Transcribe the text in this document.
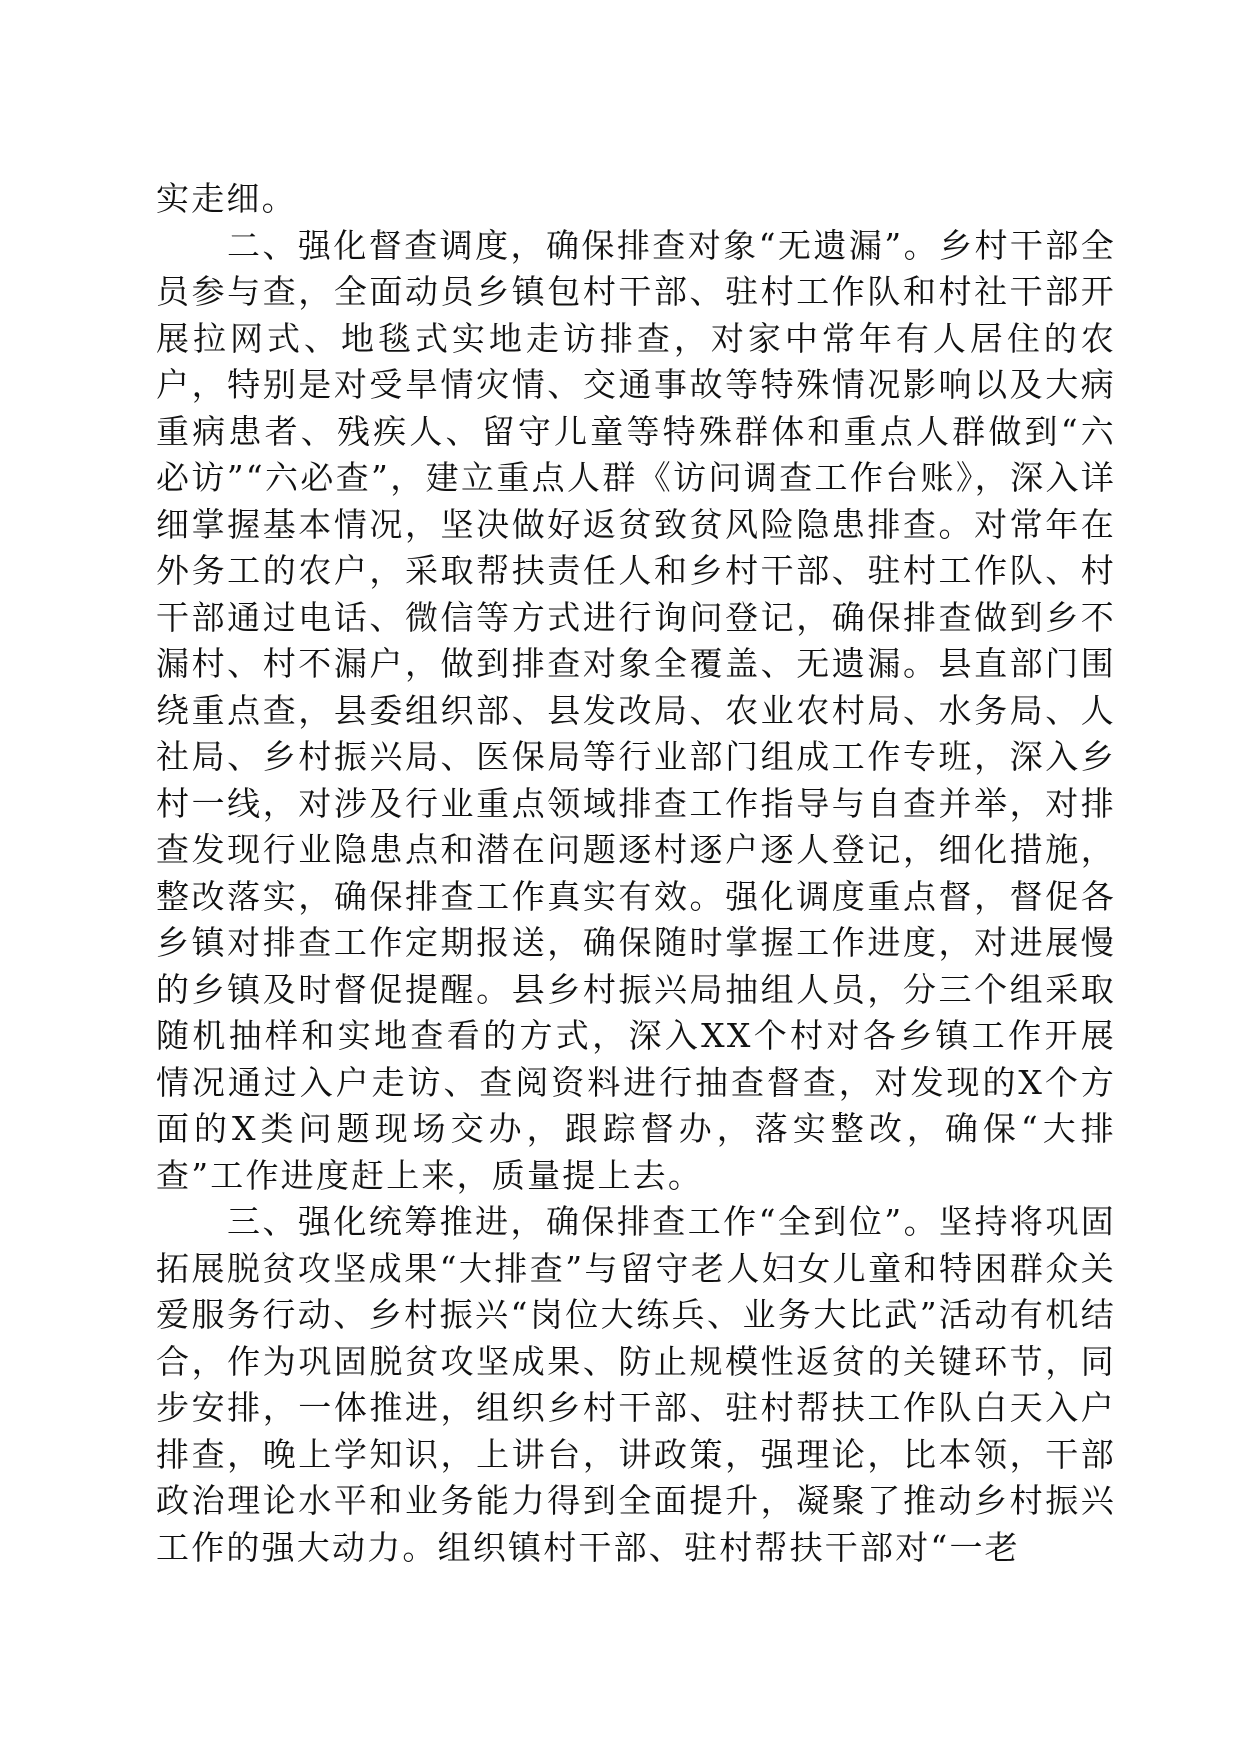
实走细。

二、强化督查调度，确保排查对象“无遗漏”。乡村干部全员参与查，全面动员乡镇包村干部、驻村工作队和村社干部开展拉网式、地毯式实地走访排查，对家中常年有人居住的农户，特别是对受旱情灾情、交通事故等特殊情况影响以及大病重病患者、残疾人、留守儿童等特殊群体和重点人群做到“六必访”“六必查”，建立重点人群《访问调查工作台账》，深入详细掌握基本情况，坚决做好返贫致贫风险隐患排查。对常年在外务工的农户，采取帮扶责任人和乡村干部、驻村工作队、村干部通过电话、微信等方式进行询问登记，确保排查做到乡不漏村、村不漏户，做到排查对象全覆盖、无遗漏。县直部门围绕重点查，县委组织部、县发改局、农业农村局、水务局、人社局、乡村振兴局、医保局等行业部门组成工作专班，深入乡村一线，对涉及行业重点领域排查工作指导与自查并举，对排查发现行业隐患点和潜在问题逐村逐户逐人登记，细化措施，整改落实，确保排查工作真实有效。强化调度重点督，督促各乡镇对排查工作定期报送，确保随时掌握工作进度，对进展慢的乡镇及时督促提醒。县乡村振兴局抽组人员，分三个组采取随机抽样和实地查看的方式，深入XX个村对各乡镇工作开展情况通过入户走访、查阅资料进行抽查督查，对发现的X个方面的X类问题现场交办，跟踪督办，落实整改，确保“大排查”工作进度赶上来，质量提上去。

三、强化统筹推进，确保排查工作“全到位”。坚持将巩固拓展脱贫攻坚成果“大排查”与留守老人妇女儿童和特困群众关爱服务行动、乡村振兴“岗位大练兵、业务大比武”活动有机结合，作为巩固脱贫攻坚成果、防止规模性返贫的关键环节，同步安排，一体推进，组织乡村干部、驻村帮扶工作队白天入户排查，晚上学知识，上讲台，讲政策，强理论，比本领，干部政治理论水平和业务能力得到全面提升，凝聚了推动乡村振兴工作的强大动力。组织镇村干部、驻村帮扶干部对“一老
